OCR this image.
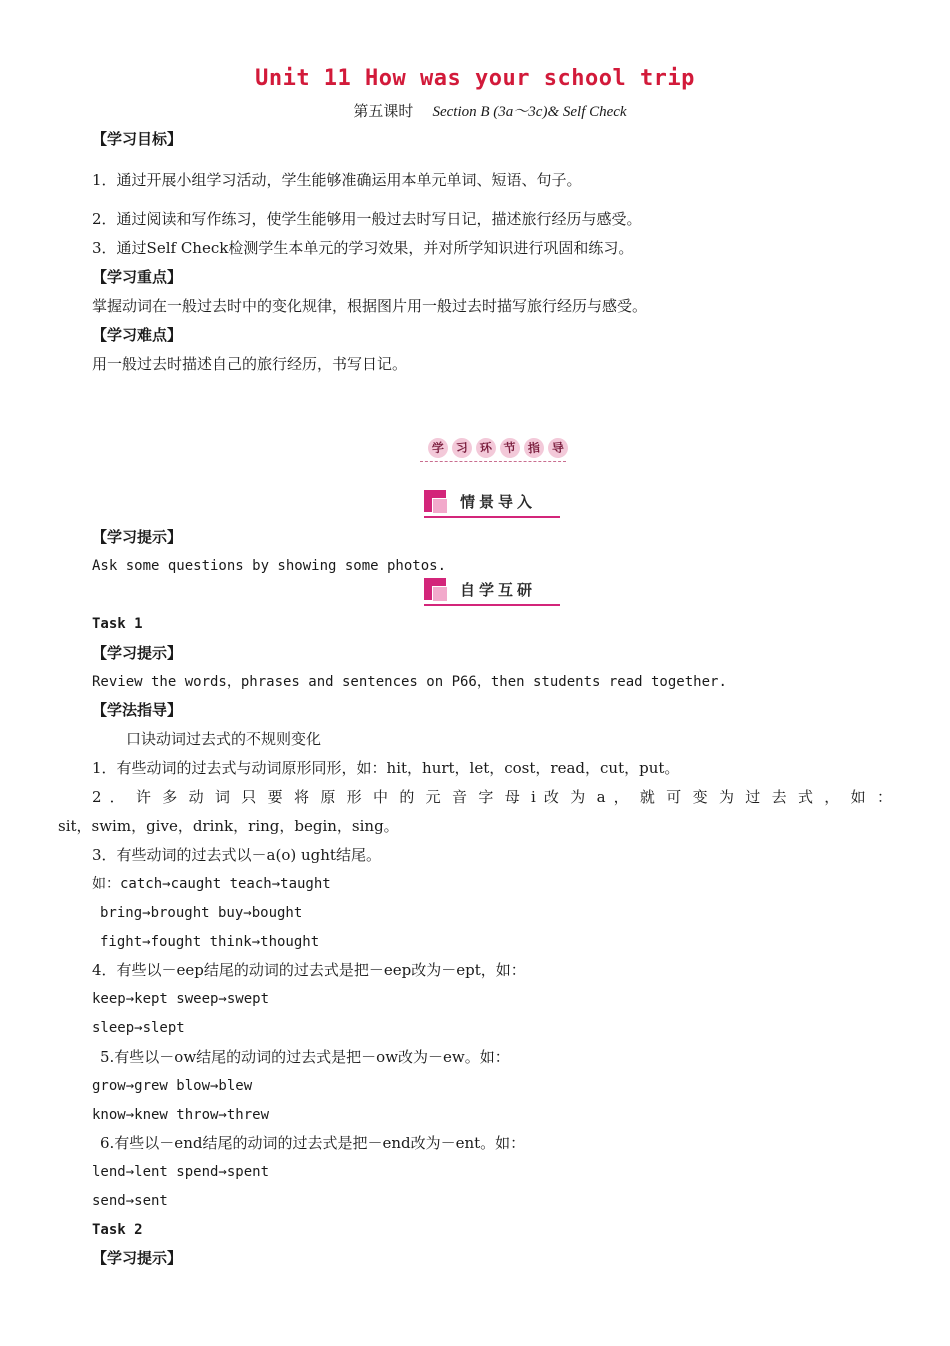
Unit 11 How was your school trip
第五课时 Section B (3a～3c)& Self Check
【学习目标】
1．通过开展小组学习活动，学生能够准确运用本单元单词、短语、句子。
2．通过阅读和写作练习，使学生能够用一般过去时写日记，描述旅行经历与感受。
3．通过Self Check检测学生本单元的学习效果，并对所学知识进行巩固和练习。
【学习重点】
掌握动词在一般过去时中的变化规律，根据图片用一般过去时描写旅行经历与感受。
【学习难点】
用一般过去时描述自己的旅行经历，书写日记。
学 习 环 节 指 导
情景导入
【学习提示】
Ask some questions by showing some photos.
自学互研
Task 1
【学习提示】
Review the words，phrases and sentences on P66，then students read together.
【学法指导】
口诀动词过去式的不规则变化
1．有些动词的过去式与动词原形同形，如：hit，hurt，let，cost，read，cut，put。
2 ． 许 多 动 词 只 要 将 原 形 中 的 元 音 字 母 i 改 为 a ， 就 可 变 为 过 去 式 ， 如 ：
sit，swim，give，drink，ring，begin，sing。
3．有些动词的过去式以－a(o) ught结尾。
如：catch→caught teach→taught
bring→brought buy→bought
fight→fought think→thought
4．有些以－eep结尾的动词的过去式是把－eep改为－ept，如：
keep→kept sweep→swept
sleep→slept
5.有些以－ow结尾的动词的过去式是把－ow改为－ew。如：
grow→grew blow→blew
know→knew throw→threw
6.有些以－end结尾的动词的过去式是把－end改为－ent。如：
lend→lent spend→spent
send→sent
Task 2
【学习提示】
